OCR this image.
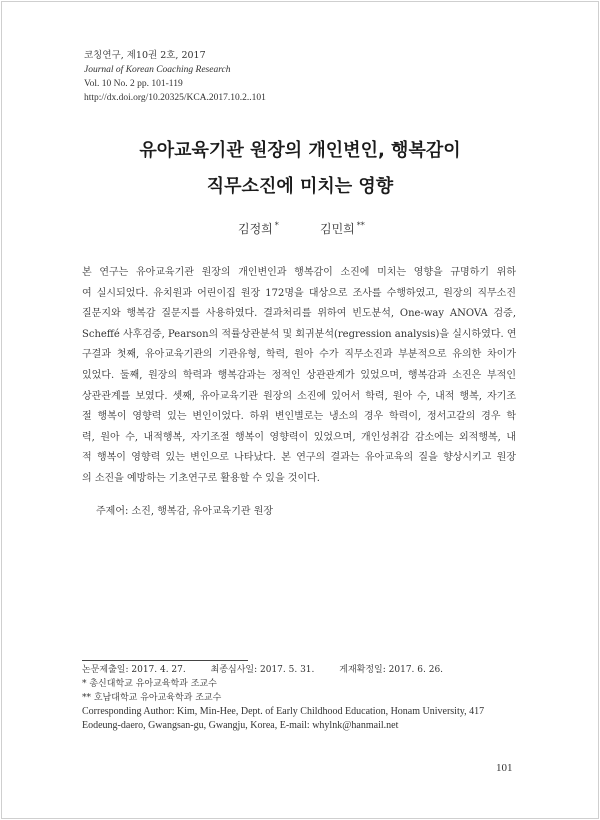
코칭연구, 제10권 2호, 2017
Journal of Korean Coaching Research
Vol. 10 No. 2 pp. 101-119
http://dx.doi.org/10.20325/KCA.2017.10.2..101
유아교육기관 원장의 개인변인, 행복감이
직무소진에 미치는 영향
김정희 *	김민희 **
본 연구는 유아교육기관 원장의 개인변인과 행복감이 소진에 미치는 영향을 규명하기 위하
여 실시되었다. 유치원과 어린이집 원장 172명을 대상으로 조사를 수행하였고, 원장의 직무소진
질문지와 행복감 질문지를 사용하였다. 결과처리를 위하여 빈도분석, One-way ANOVA 검증,
Scheffé 사후검증, Pearson의 적률상관분석 및 회귀분석(regression analysis)을 실시하였다. 연
구결과 첫째, 유아교육기관의 기관유형, 학력, 원아 수가 직무소진과 부분적으로 유의한 차이가
있었다. 둘째, 원장의 학력과 행복감과는 정적인 상관관계가 있었으며, 행복감과 소진은 부적인
상관관계를 보였다. 셋째, 유아교육기관 원장의 소진에 있어서 학력, 원아 수, 내적 행복, 자기조
절 행복이 영향력 있는 변인이었다. 하위 변인별로는 냉소의 경우 학력이, 정서고갈의 경우 학
력, 원아 수, 내적행복, 자기조절 행복이 영향력이 있었으며, 개인성취감 감소에는 외적행복, 내
적 행복이 영향력 있는 변인으로 나타났다. 본 연구의 결과는 유아교육의 질을 향상시키고 원장
의 소진을 예방하는 기초연구로 활용할 수 있을 것이다.
주제어: 소진, 행복감, 유아교육기관 원장
논문제출일: 2017. 4. 27.	최종심사일: 2017. 5. 31.	게재확정일: 2017. 6. 26.
* 총신대학교 유아교육학과 조교수
** 호남대학교 유아교육학과 조교수
Corresponding Author: Kim, Min-Hee, Dept. of Early Childhood Education, Honam University, 417
Eodeung-daero, Gwangsan-gu, Gwangju, Korea, E-mail: whylnk@hanmail.net
101
